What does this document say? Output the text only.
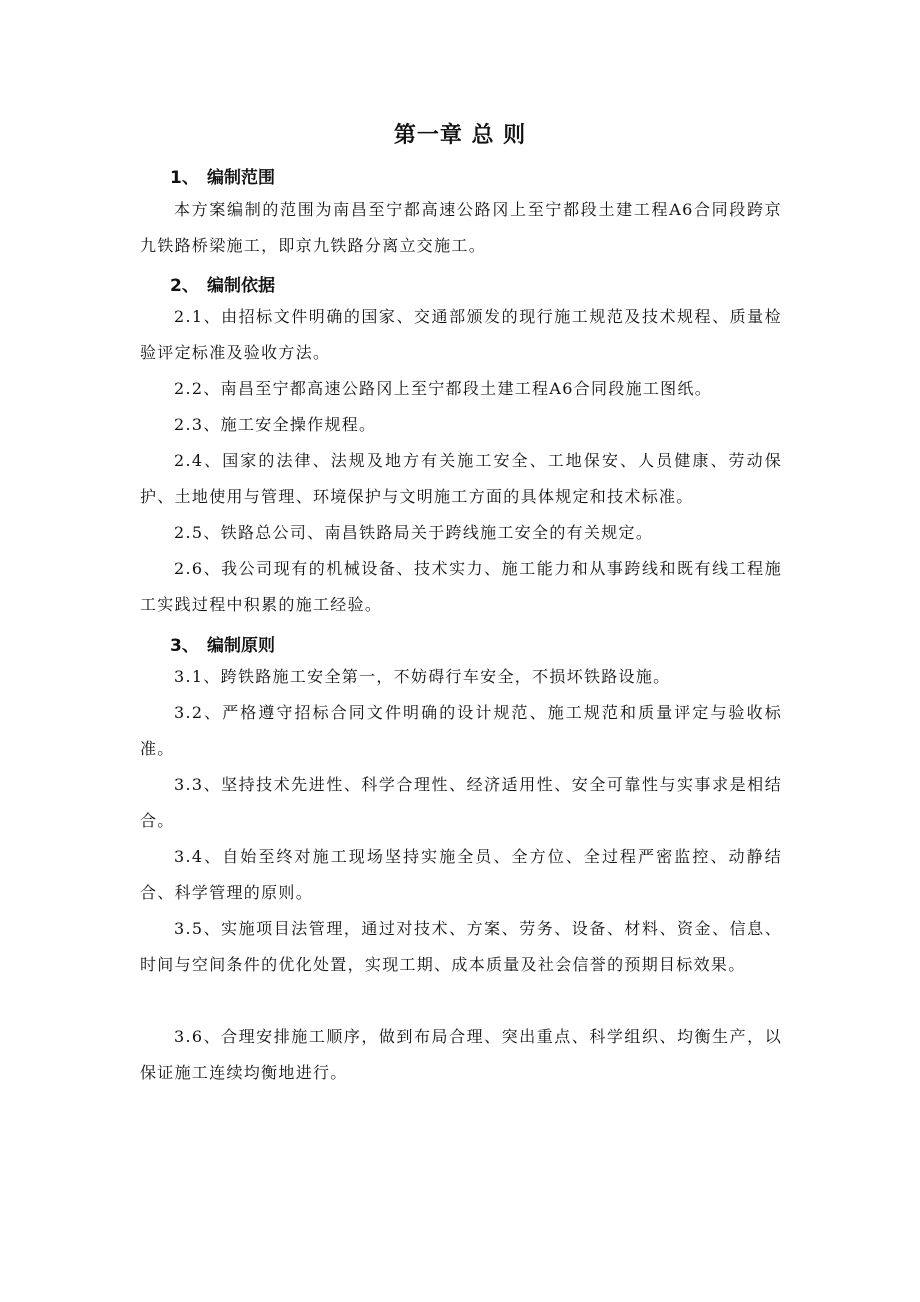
第一章 总 则
1、 编制范围
本方案编制的范围为南昌至宁都高速公路冈上至宁都段土建工程A6合同段跨京九铁路桥梁施工，即京九铁路分离立交施工。
2、 编制依据
2.1、由招标文件明确的国家、交通部颁发的现行施工规范及技术规程、质量检验评定标准及验收方法。
2.2、南昌至宁都高速公路冈上至宁都段土建工程A6合同段施工图纸。
2.3、施工安全操作规程。
2.4、国家的法律、法规及地方有关施工安全、工地保安、人员健康、劳动保护、土地使用与管理、环境保护与文明施工方面的具体规定和技术标准。
2.5、铁路总公司、南昌铁路局关于跨线施工安全的有关规定。
2.6、我公司现有的机械设备、技术实力、施工能力和从事跨线和既有线工程施工实践过程中积累的施工经验。
3、 编制原则
3.1、跨铁路施工安全第一，不妨碍行车安全，不损坏铁路设施。
3.2、严格遵守招标合同文件明确的设计规范、施工规范和质量评定与验收标准。
3.3、坚持技术先进性、科学合理性、经济适用性、安全可靠性与实事求是相结合。
3.4、自始至终对施工现场坚持实施全员、全方位、全过程严密监控、动静结合、科学管理的原则。
3.5、实施项目法管理，通过对技术、方案、劳务、设备、材料、资金、信息、时间与空间条件的优化处置，实现工期、成本质量及社会信誉的预期目标效果。
3.6、合理安排施工顺序，做到布局合理、突出重点、科学组织、均衡生产，以保证施工连续均衡地进行。
